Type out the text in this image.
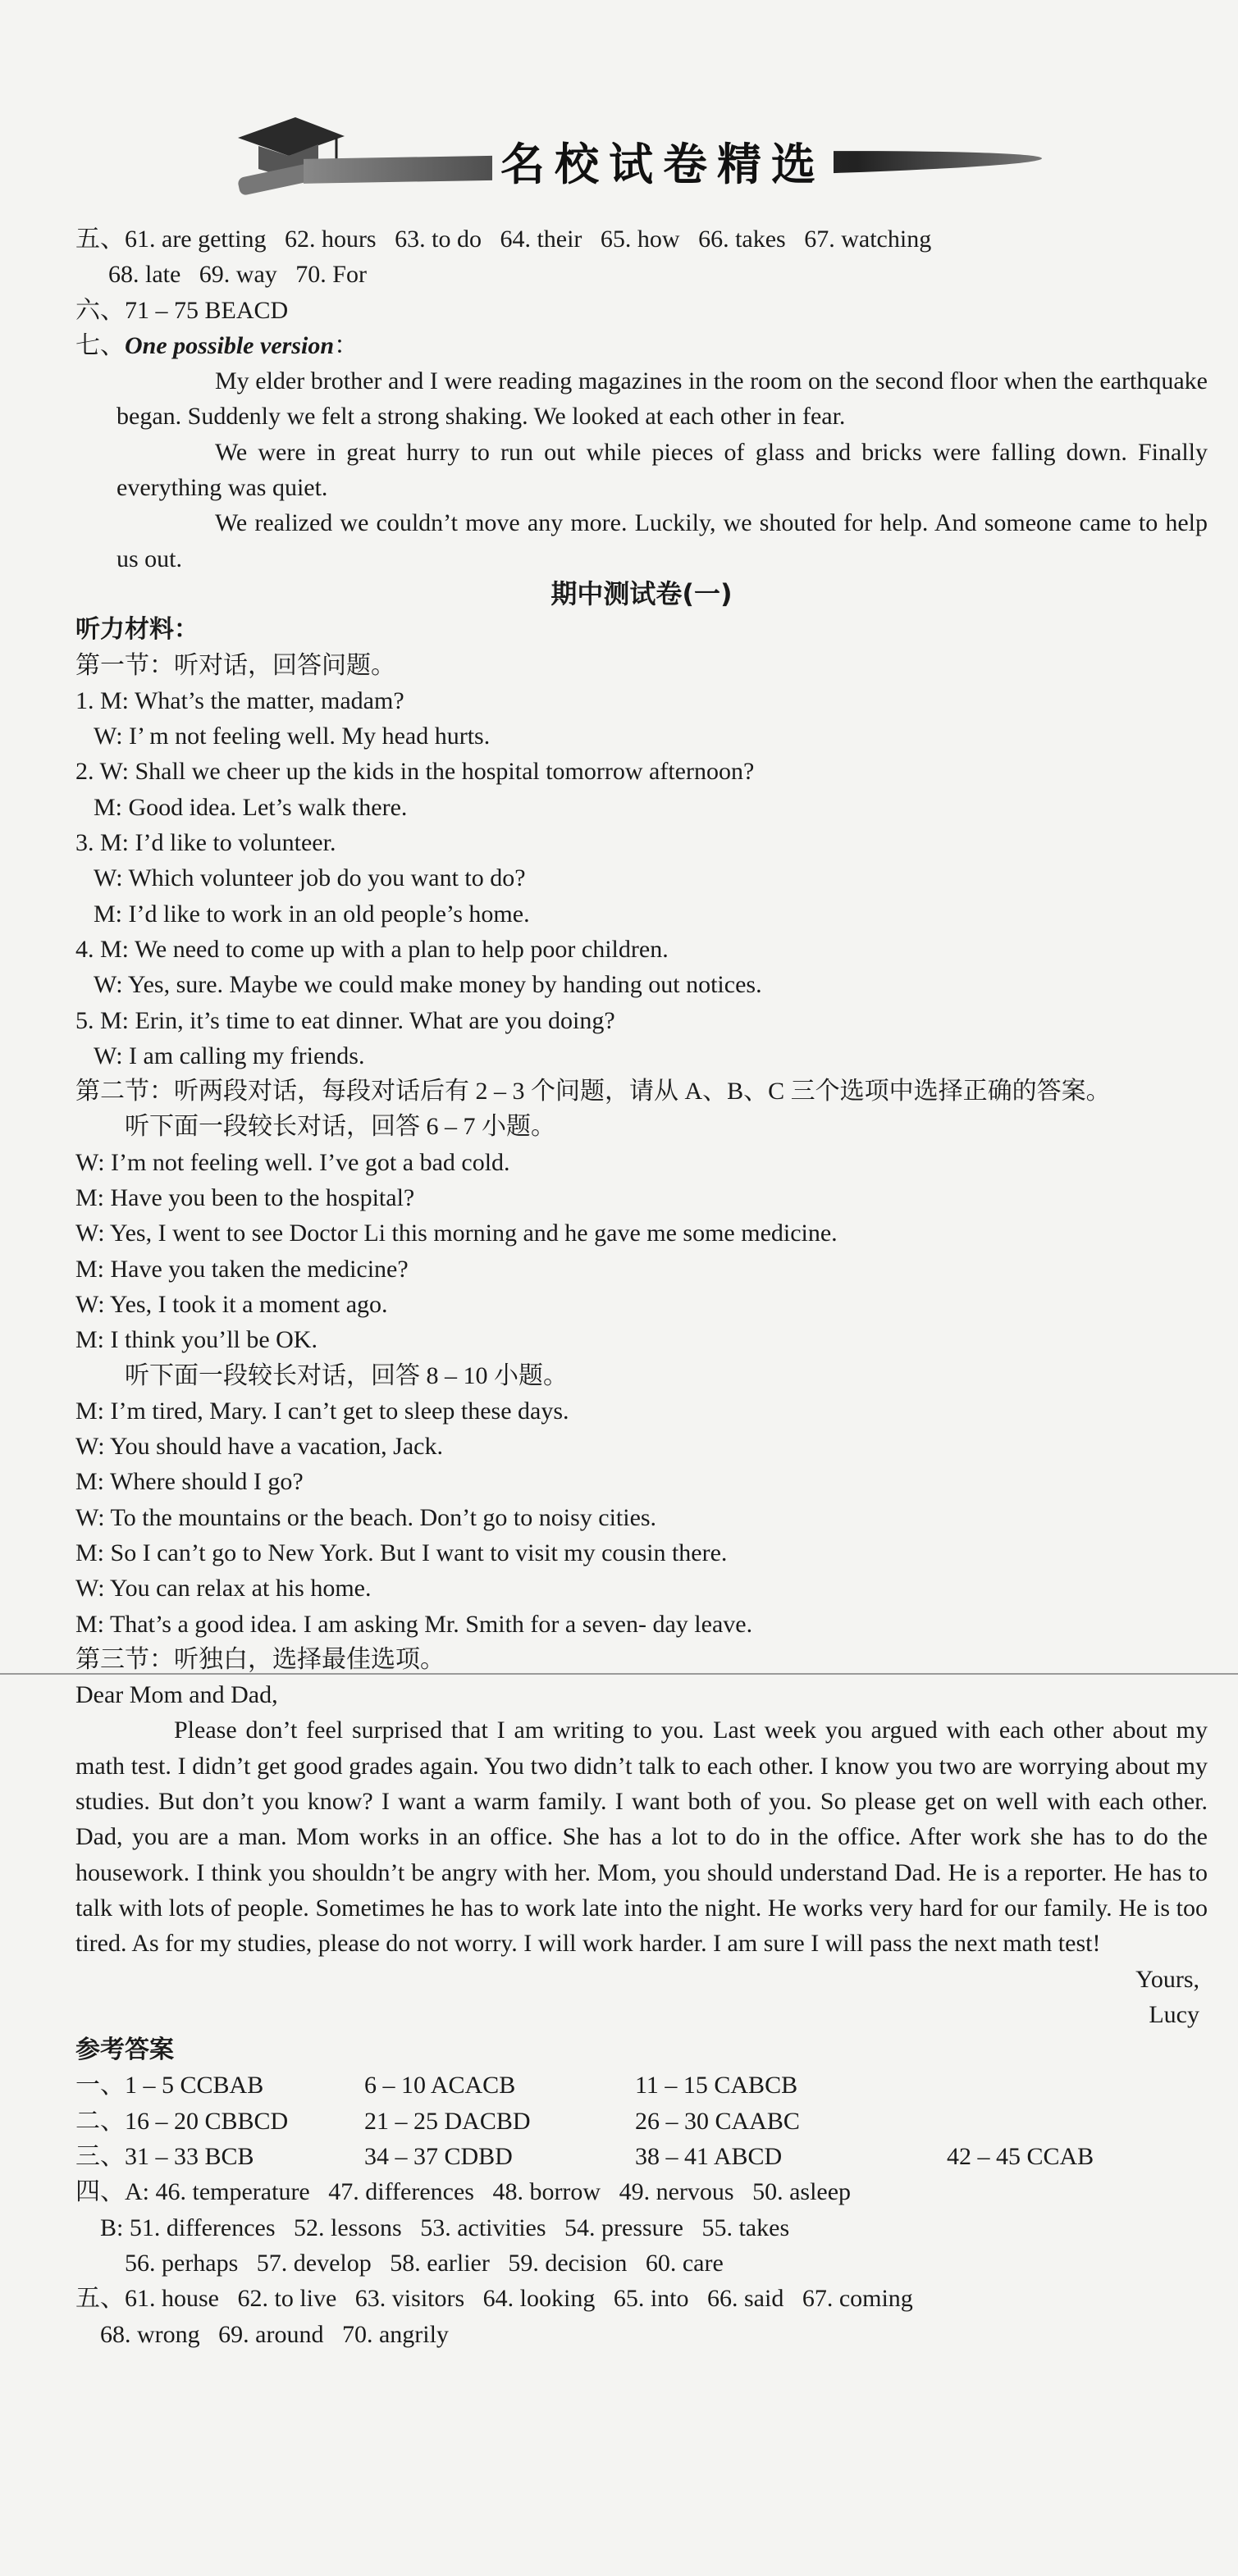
名校试卷精选
五、61. are getting   62. hours   63. to do   64. their   65. how   66. takes   67. watching
68. late   69. way   70. For
六、71 – 75 BEACD
七、One possible version：
My elder brother and I were reading magazines in the room on the second floor when the earthquake began. Suddenly we felt a strong shaking. We looked at each other in fear.
We were in great hurry to run out while pieces of glass and bricks were falling down. Finally everything was quiet.
We realized we couldn’t move any more. Luckily, we shouted for help. And someone came to help us out.
期中测试卷(一)
听力材料：
第一节：听对话，回答问题。
1. M: What’s the matter, madam?
W: I’ m not feeling well. My head hurts.
2. W: Shall we cheer up the kids in the hospital tomorrow afternoon?
M: Good idea. Let’s walk there.
3. M: I’d like to volunteer.
W: Which volunteer job do you want to do?
M: I’d like to work in an old people’s home.
4. M: We need to come up with a plan to help poor children.
W: Yes, sure. Maybe we could make money by handing out notices.
5. M: Erin, it’s time to eat dinner. What are you doing?
W: I am calling my friends.
第二节：听两段对话，每段对话后有 2 – 3 个问题，请从 A、B、C 三个选项中选择正确的答案。
听下面一段较长对话，回答 6 – 7 小题。
W: I’m not feeling well. I’ve got a bad cold.
M: Have you been to the hospital?
W: Yes, I went to see Doctor Li this morning and he gave me some medicine.
M: Have you taken the medicine?
W: Yes, I took it a moment ago.
M: I think you’ll be OK.
听下面一段较长对话，回答 8 – 10 小题。
M: I’m tired, Mary. I can’t get to sleep these days.
W: You should have a vacation, Jack.
M: Where should I go?
W: To the mountains or the beach. Don’t go to noisy cities.
M: So I can’t go to New York. But I want to visit my cousin there.
W: You can relax at his home.
M: That’s a good idea. I am asking Mr. Smith for a seven- day leave.
第三节：听独白，选择最佳选项。
Dear Mom and Dad,
Please don’t feel surprised that I am writing to you. Last week you argued with each other about my math test. I didn’t get good grades again. You two didn’t talk to each other. I know you two are worrying about my studies. But don’t you know? I want a warm family. I want both of you. So please get on well with each other. Dad, you are a man. Mom works in an office. She has a lot to do in the office. After work she has to do the housework. I think you shouldn’t be angry with her. Mom, you should understand Dad. He is a reporter. He has to talk with lots of people. Sometimes he has to work late into the night. He works very hard for our family. He is too tired. As for my studies, please do not worry. I will work harder. I am sure I will pass the next math test!
Yours,
Lucy
参考答案
一、1 – 5 CCBAB	6 – 10 ACACB	11 – 15 CABCB
二、16 – 20 CBBCD	21 – 25 DACBD	26 – 30 CAABC
三、31 – 33 BCB	34 – 37 CDBD	38 – 41 ABCD	42 – 45 CCAB
四、A: 46. temperature   47. differences   48. borrow   49. nervous   50. asleep
B: 51. differences   52. lessons   53. activities   54. pressure   55. takes
56. perhaps   57. develop   58. earlier   59. decision   60. care
五、61. house   62. to live   63. visitors   64. looking   65. into   66. said   67. coming
68. wrong   69. around   70. angrily
